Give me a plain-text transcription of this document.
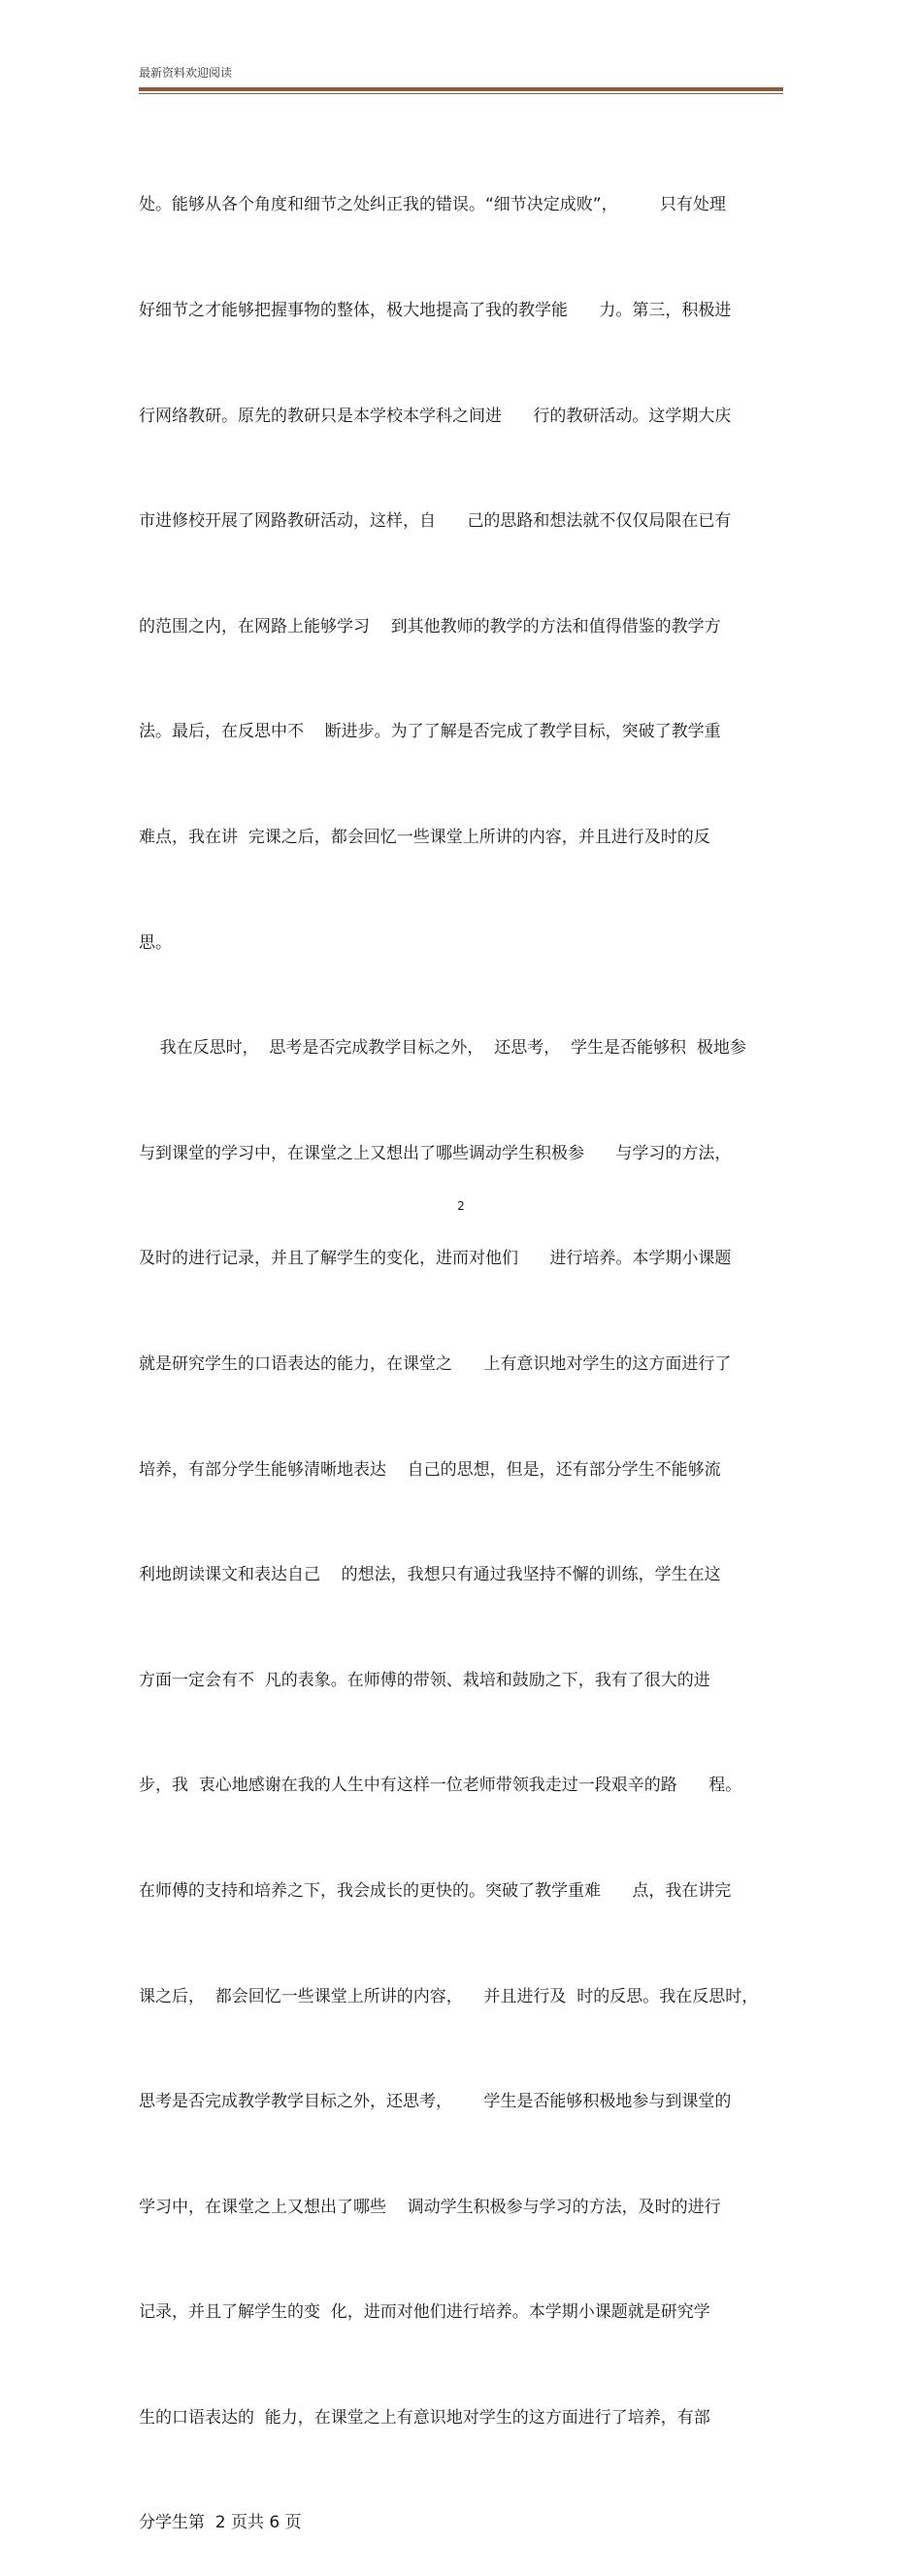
最新资料欢迎阅读

处。能够从各个角度和细节之处纠正我的错误。“细节决定成败”，        只有处理

好细节之才能够把握事物的整体，极大地提高了我的教学能      力。第三，积极进

行网络教研。原先的教研只是本学校本学科之间进      行的教研活动。这学期大庆

市进修校开展了网路教研活动，这样，自      己的思路和想法就不仅仅局限在已有

的范围之内，在网路上能够学习    到其他教师的教学的方法和值得借鉴的教学方

法。最后，在反思中不    断进步。为了了解是否完成了教学目标，突破了教学重

难点，我在讲  完课之后，都会回忆一些课堂上所讲的内容，并且进行及时的反

思。

我在反思时，  思考是否完成教学目标之外，  还思考，  学生是否能够积  极地参

与到课堂的学习中，在课堂之上又想出了哪些调动学生积极参      与学习的方法，

及时的进行记录，并且了解学生的变化，进而对他们      进行培养。本学期小课题

就是研究学生的口语表达的能力，在课堂之      上有意识地对学生的这方面进行了

培养，有部分学生能够清晰地表达    自己的思想，但是，还有部分学生不能够流

利地朗读课文和表达自己    的想法，我想只有通过我坚持不懈的训练，学生在这

方面一定会有不  凡的表象。在师傅的带领、栽培和鼓励之下，我有了很大的进

步，我  衷心地感谢在我的人生中有这样一位老师带领我走过一段艰辛的路      程。

在师傅的支持和培养之下，我会成长的更快的。突破了教学重难      点，我在讲完

课之后，  都会回忆一些课堂上所讲的内容，    并且进行及  时的反思。我在反思时，

思考是否完成教学教学目标之外，还思考，      学生是否能够积极地参与到课堂的

学习中，在课堂之上又想出了哪些    调动学生积极参与学习的方法，及时的进行

记录，并且了解学生的变  化，进而对他们进行培养。本学期小课题就是研究学

生的口语表达的  能力，在课堂之上有意识地对学生的这方面进行了培养，有部

分学生第  2 页共 6 页

2
